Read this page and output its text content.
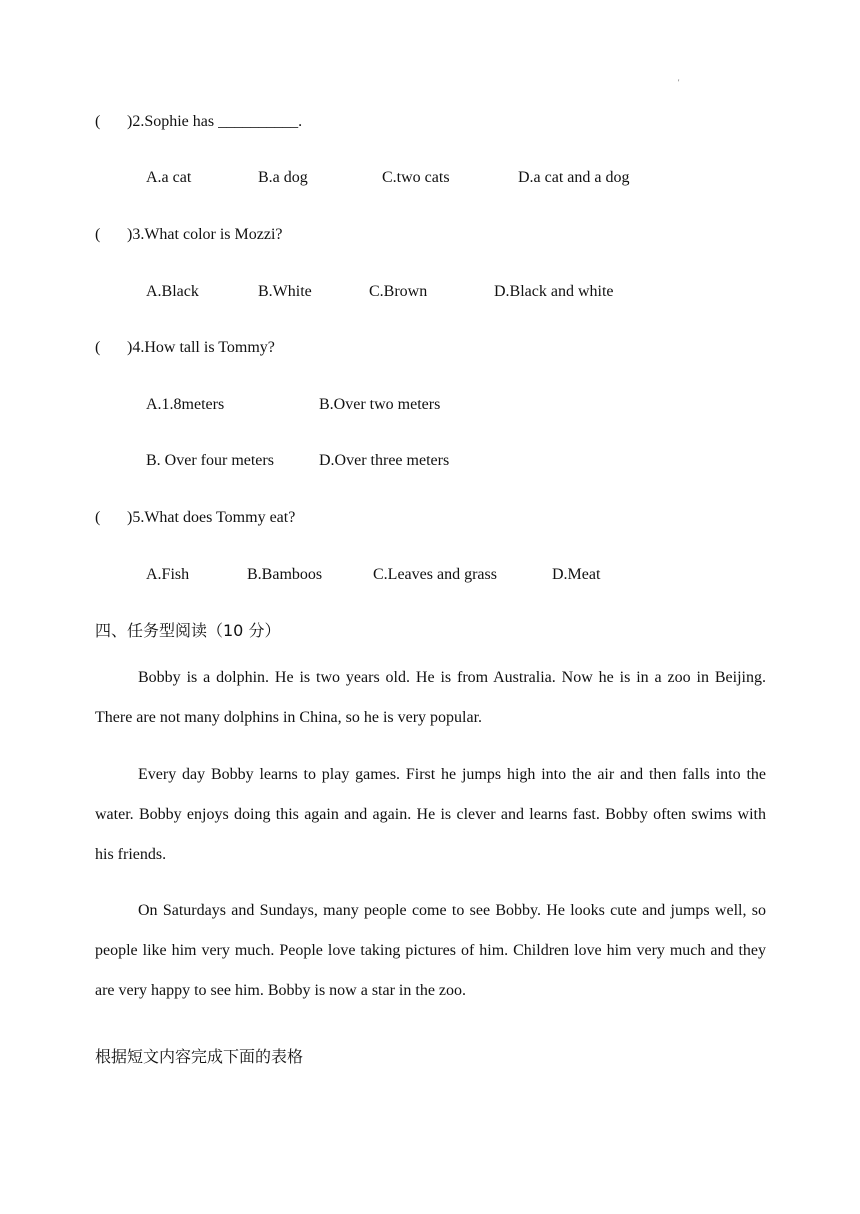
'
( )2.Sophie has __________.
A.a cat	B.a dog	C.two cats	D.a cat and a dog
( )3.What color is Mozzi?
A.Black	B.White	C.Brown	D.Black and white
( )4.How tall is Tommy?
A.1.8meters	B.Over two meters
B. Over four meters	D.Over three meters
( )5.What does Tommy eat?
A.Fish	B.Bamboos	C.Leaves and grass	D.Meat
四、任务型阅读（10 分）

Bobby is a dolphin. He is two years old. He is from Australia. Now he is in a zoo in Beijing. There are not many dolphins in China, so he is very popular.

Every day Bobby learns to play games. First he jumps high into the air and then falls into the water. Bobby enjoys doing this again and again. He is clever and learns fast. Bobby often swims with his friends.

On Saturdays and Sundays, many people come to see Bobby. He looks cute and jumps well, so people like him very much. People love taking pictures of him. Children love him very much and they are very happy to see him. Bobby is now a star in the zoo.

根据短文内容完成下面的表格
